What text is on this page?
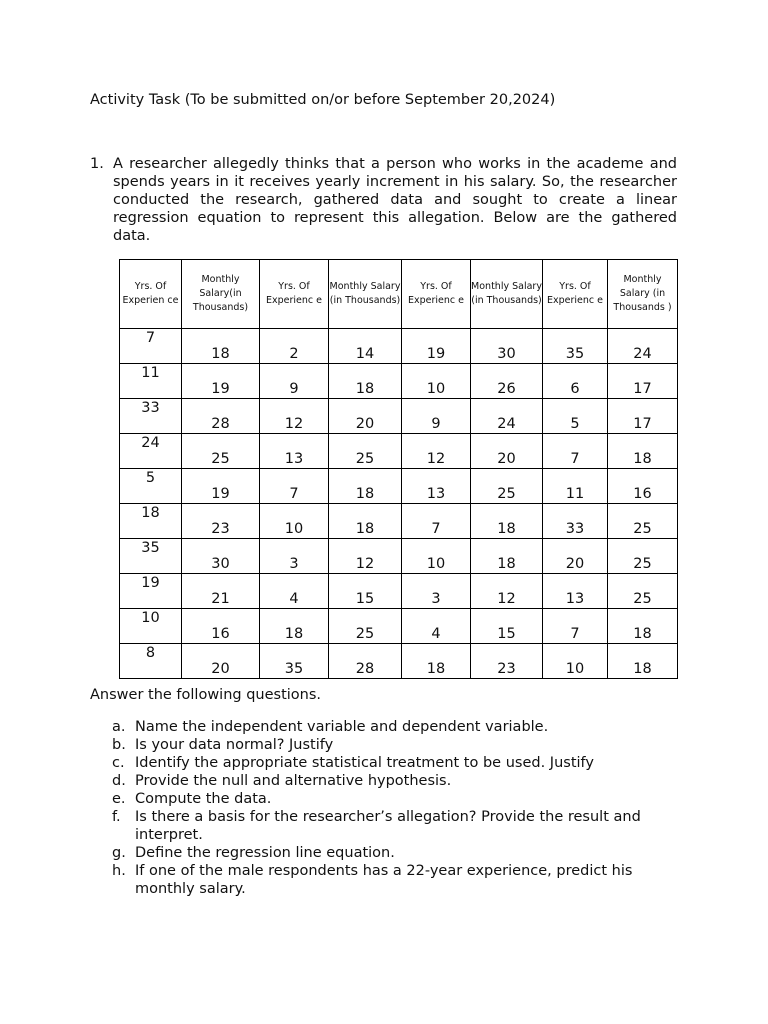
Activity Task (To be submitted on/or before September 20,2024)
1. A researcher allegedly thinks that a person who works in the academe and spends years in it receives yearly increment in his salary. So, the researcher conducted the research, gathered data and sought to create a linear regression equation to represent this allegation. Below are the gathered data.
Yrs. Of Experien ce	Monthly Salary(in Thousands)	Yrs. Of Experienc e	Monthly Salary (in Thousands)	Yrs. Of Experienc e	Monthly Salary (in Thousands)	Yrs. Of Experienc e	Monthly Salary (in Thousands )
7	18	2	14	19	30	35	24
11	19	9	18	10	26	6	17
33	28	12	20	9	24	5	17
24	25	13	25	12	20	7	18
5	19	7	18	13	25	11	16
18	23	10	18	7	18	33	25
35	30	3	12	10	18	20	25
19	21	4	15	3	12	13	25
10	16	18	25	4	15	7	18
8	20	35	28	18	23	10	18
Answer the following questions.
a. Name the independent variable and dependent variable.
b. Is your data normal? Justify
c. Identify the appropriate statistical treatment to be used. Justify
d. Provide the null and alternative hypothesis.
e. Compute the data.
f. Is there a basis for the researcher’s allegation? Provide the result and interpret.
g. Define the regression line equation.
h. If one of the male respondents has a 22-year experience, predict his monthly salary.
